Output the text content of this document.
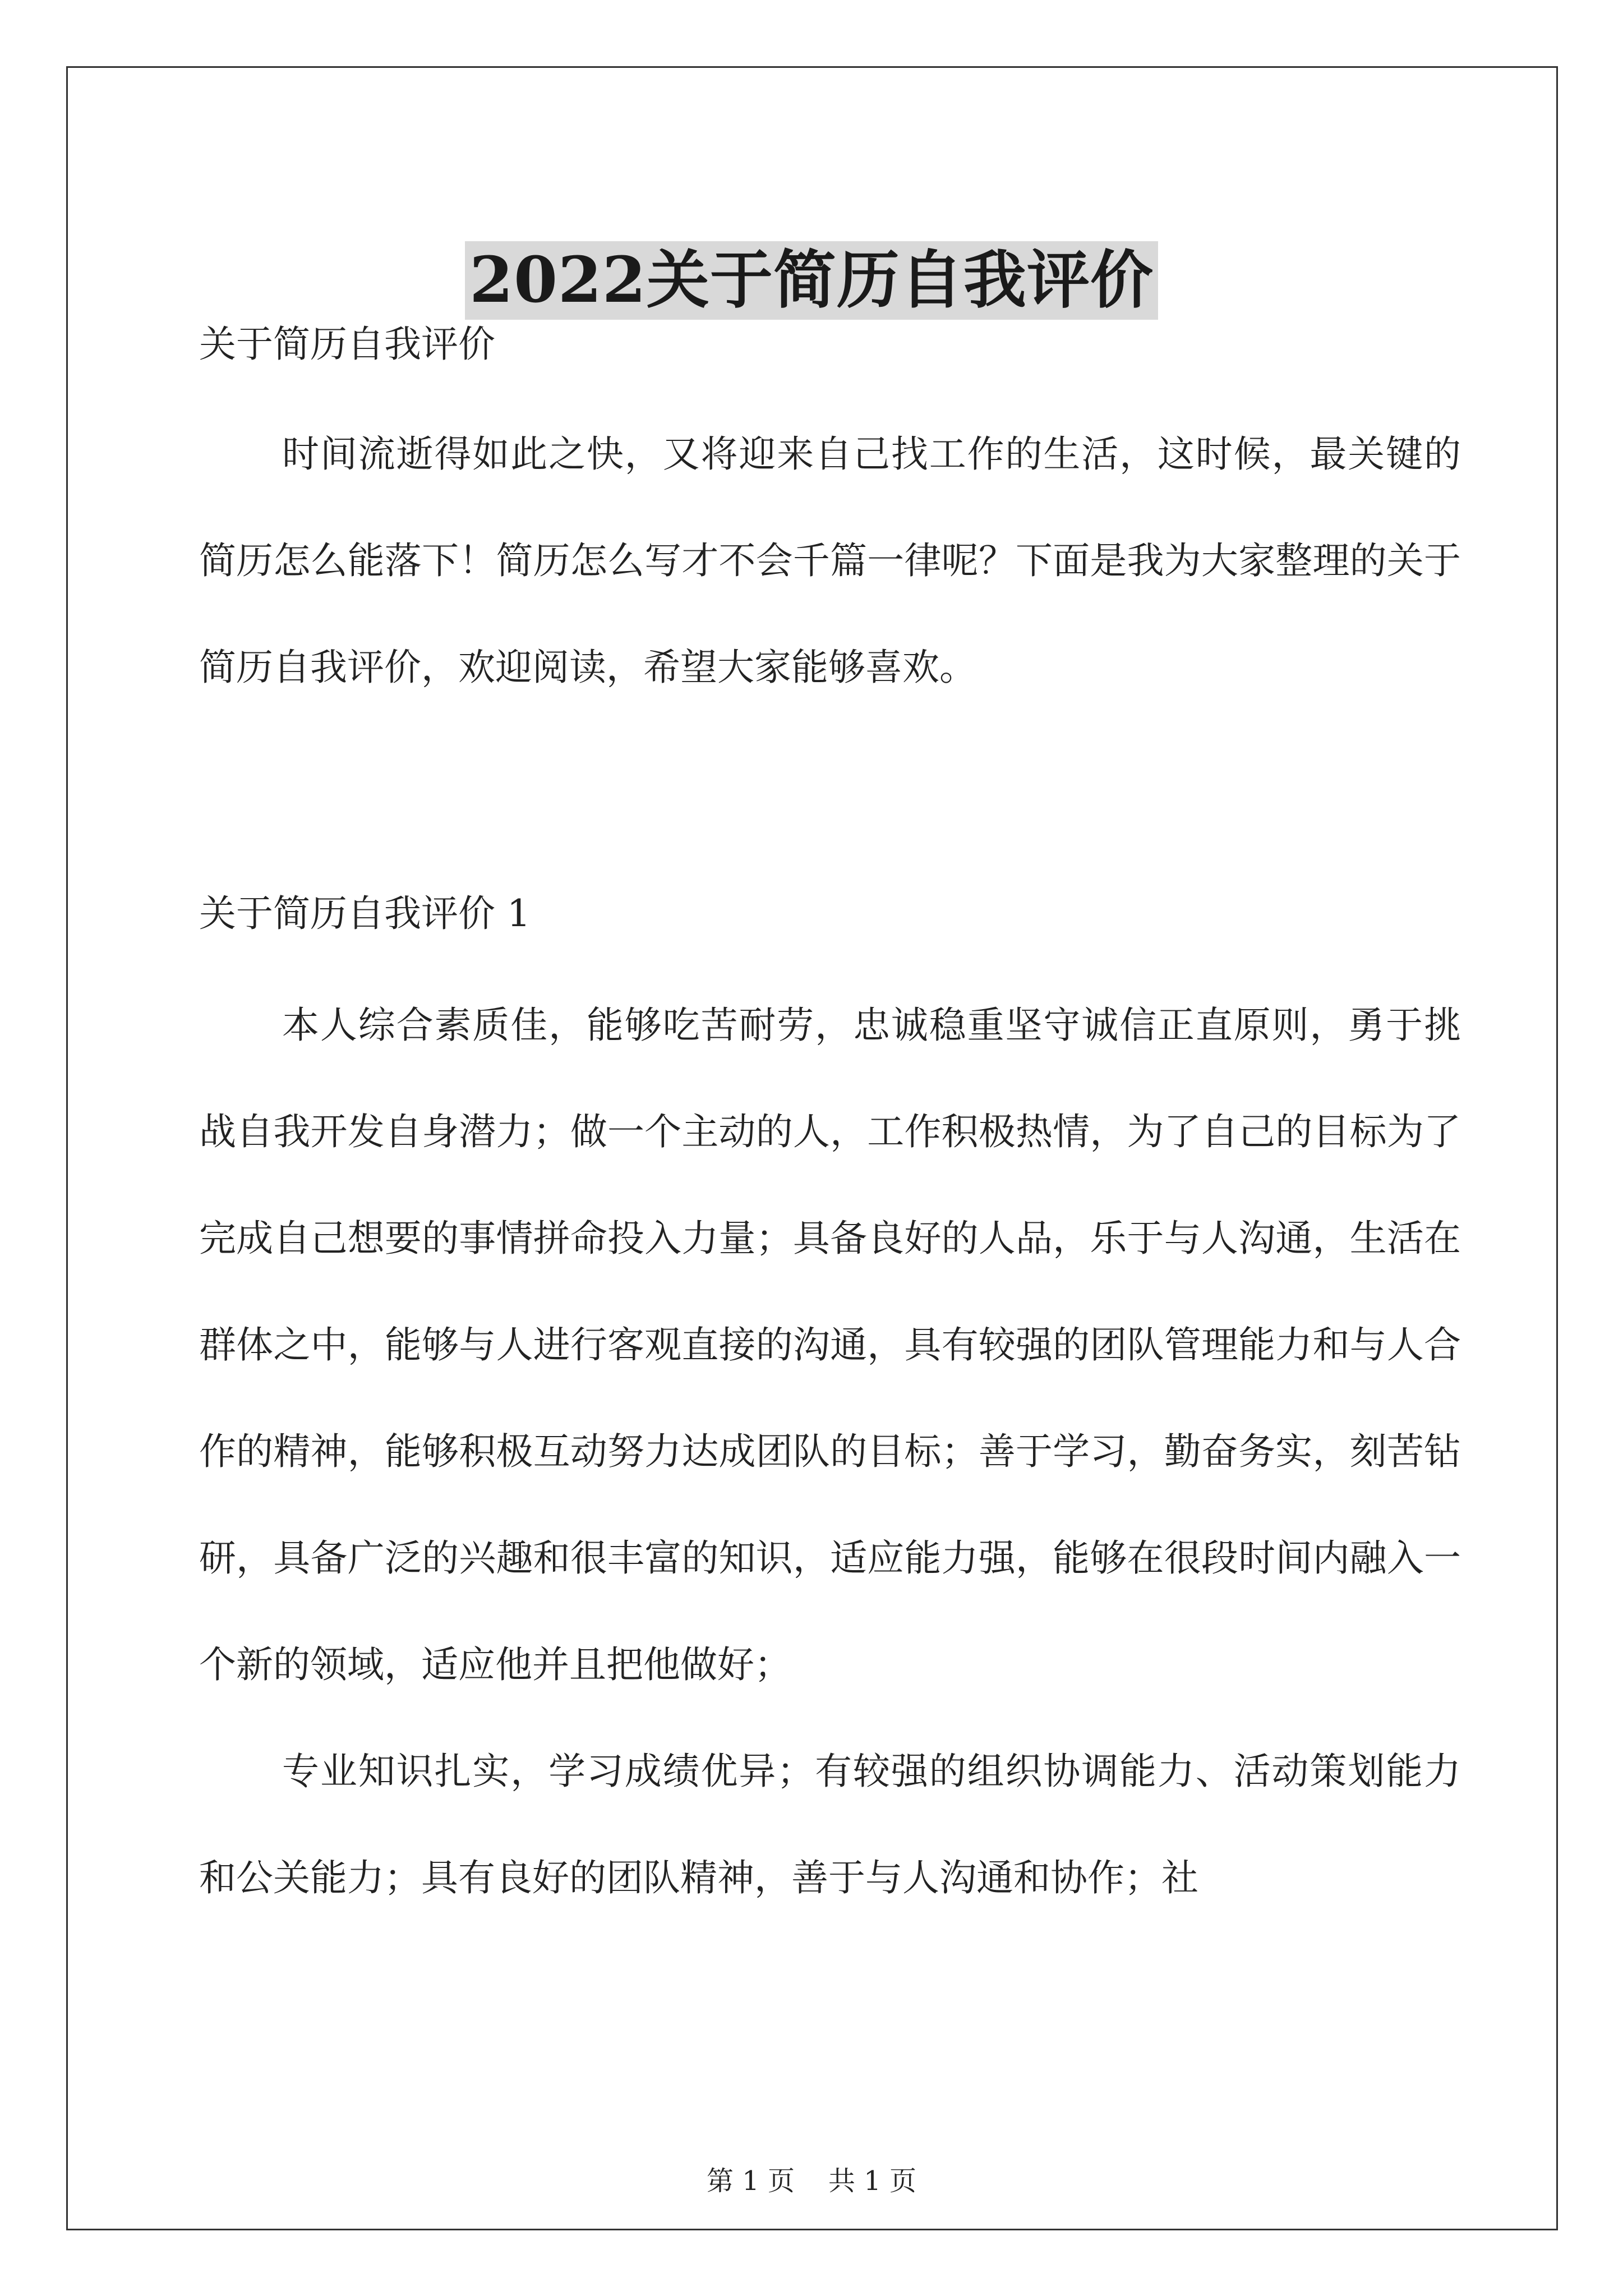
2022关于简历自我评价

关于简历自我评价

时间流逝得如此之快，又将迎来自己找工作的生活，这时候，最关键的简历怎么能落下！简历怎么写才不会千篇一律呢？下面是我为大家整理的关于简历自我评价，欢迎阅读，希望大家能够喜欢。

关于简历自我评价 1

本人综合素质佳，能够吃苦耐劳，忠诚稳重坚守诚信正直原则，勇于挑战自我开发自身潜力；做一个主动的人，工作积极热情，为了自己的目标为了完成自己想要的事情拼命投入力量；具备良好的人品，乐于与人沟通，生活在群体之中，能够与人进行客观直接的沟通，具有较强的团队管理能力和与人合作的精神，能够积极互动努力达成团队的目标；善于学习，勤奋务实，刻苦钻研，具备广泛的兴趣和很丰富的知识，适应能力强，能够在很段时间内融入一个新的领域，适应他并且把他做好；

专业知识扎实，学习成绩优异；有较强的组织协调能力、活动策划能力和公关能力；具有良好的团队精神，善于与人沟通和协作；社

第 1 页 共 1 页
